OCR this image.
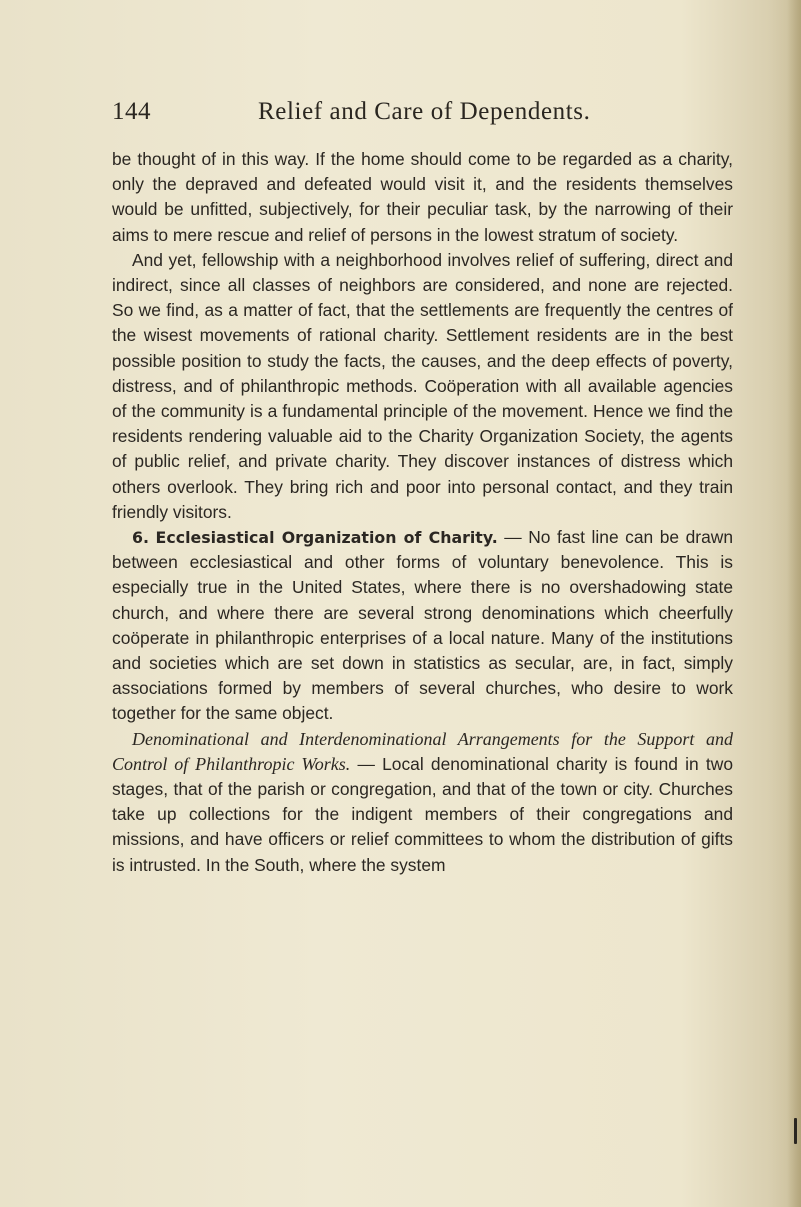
144	Relief and Care of Dependents.

be thought of in this way. If the home should come to be regarded as a charity, only the depraved and defeated would visit it, and the residents themselves would be unfitted, subjectively, for their peculiar task, by the narrowing of their aims to mere rescue and relief of persons in the lowest stratum of society.

And yet, fellowship with a neighborhood involves relief of suffering, direct and indirect, since all classes of neighbors are considered, and none are rejected. So we find, as a matter of fact, that the settlements are frequently the centres of the wisest movements of rational charity. Settlement residents are in the best possible position to study the facts, the causes, and the deep effects of poverty, distress, and of philanthropic methods. Coöperation with all available agencies of the community is a fundamental principle of the movement. Hence we find the residents rendering valuable aid to the Charity Organization Society, the agents of public relief, and private charity. They discover instances of distress which others overlook. They bring rich and poor into personal contact, and they train friendly visitors.

6. Ecclesiastical Organization of Charity. — No fast line can be drawn between ecclesiastical and other forms of voluntary benevolence. This is especially true in the United States, where there is no overshadowing state church, and where there are several strong denominations which cheerfully coöperate in philanthropic enterprises of a local nature. Many of the institutions and societies which are set down in statistics as secular, are, in fact, simply associations formed by members of several churches, who desire to work together for the same object.

Denominational and Interdenominational Arrangements for the Support and Control of Philanthropic Works. — Local denominational charity is found in two stages, that of the parish or congregation, and that of the town or city. Churches take up collections for the indigent members of their congregations and missions, and have officers or relief committees to whom the distribution of gifts is intrusted. In the South, where the system
